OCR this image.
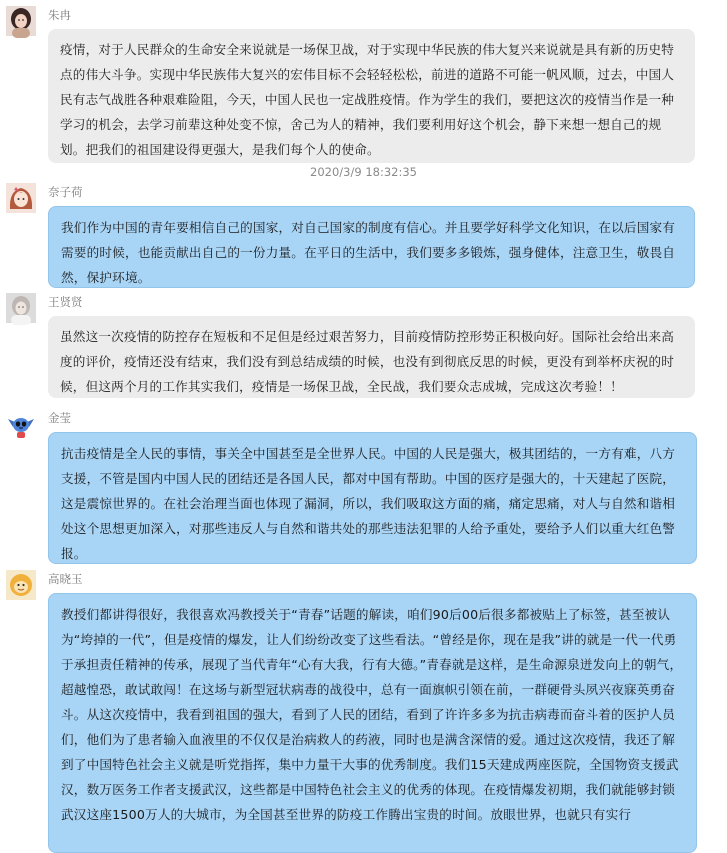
朱冉
疫情，对于人民群众的生命安全来说就是一场保卫战，对于实现中华民族的伟大复兴来说就是具有新的历史特点的伟大斗争。实现中华民族伟大复兴的宏伟目标不会轻轻松松，前进的道路不可能一帆风顺，过去，中国人民有志气战胜各种艰难险阻，今天，中国人民也一定战胜疫情。作为学生的我们，要把这次的疫情当作是一种学习的机会，去学习前辈这种处变不惊，舍己为人的精神，我们要利用好这个机会，静下来想一想自己的规划。把我们的祖国建设得更强大，是我们每个人的使命。
2020/3/9 18:32:35
奈子荷
我们作为中国的青年要相信自己的国家，对自己国家的制度有信心。并且要学好科学文化知识，在以后国家有需要的时候，也能贡献出自己的一份力量。在平日的生活中，我们要多多锻炼，强身健体，注意卫生，敬畏自然，保护环境。
王贤贤
虽然这一次疫情的防控存在短板和不足但是经过艰苦努力，目前疫情防控形势正积极向好。国际社会给出来高度的评价，疫情还没有结束，我们没有到总结成绩的时候，也没有到彻底反思的时候，更没有到举杯庆祝的时候，但这两个月的工作其实我们，疫情是一场保卫战，全民战，我们要众志成城，完成这次考验！！
金莹
抗击疫情是全人民的事情，事关全中国甚至是全世界人民。中国的人民是强大，极其团结的，一方有难，八方支援，不管是国内中国人民的团结还是各国人民，都对中国有帮助。中国的医疗是强大的，十天建起了医院，这是震惊世界的。在社会治理当面也体现了漏洞，所以，我们吸取这方面的痛，痛定思痛，对人与自然和谐相处这个思想更加深入，对那些违反人与自然和谐共处的那些违法犯罪的人给予重处，要给予人们以重大红色警报。
高晓玉
教授们都讲得很好，我很喜欢冯教授关于“青春”话题的解读，咱们90后00后很多都被贴上了标签，甚至被认为“垮掉的一代”，但是疫情的爆发，让人们纷纷改变了这些看法。“曾经是你，现在是我”讲的就是一代一代勇于承担责任精神的传承，展现了当代青年“心有大我，行有大德。”青春就是这样，是生命源泉迸发向上的朝气，超越惶恐，敢试敢闯！在这场与新型冠状病毒的战役中，总有一面旗帜引领在前，一群硬骨头夙兴夜寐英勇奋斗。从这次疫情中，我看到祖国的强大，看到了人民的团结，看到了许许多多为抗击病毒而奋斗着的医护人员们，他们为了患者输入血液里的不仅仅是治病救人的药液，同时也是满含深情的爱。通过这次疫情，我还了解到了中国特色社会主义就是听党指挥，集中力量干大事的优秀制度。我们15天建成两座医院，全国物资支援武汉，数万医务工作者支援武汉，这些都是中国特色社会主义的优秀的体现。在疫情爆发初期，我们就能够封锁武汉这座1500万人的大城市，为全国甚至世界的防疫工作腾出宝贵的时间。放眼世界，也就只有实行
